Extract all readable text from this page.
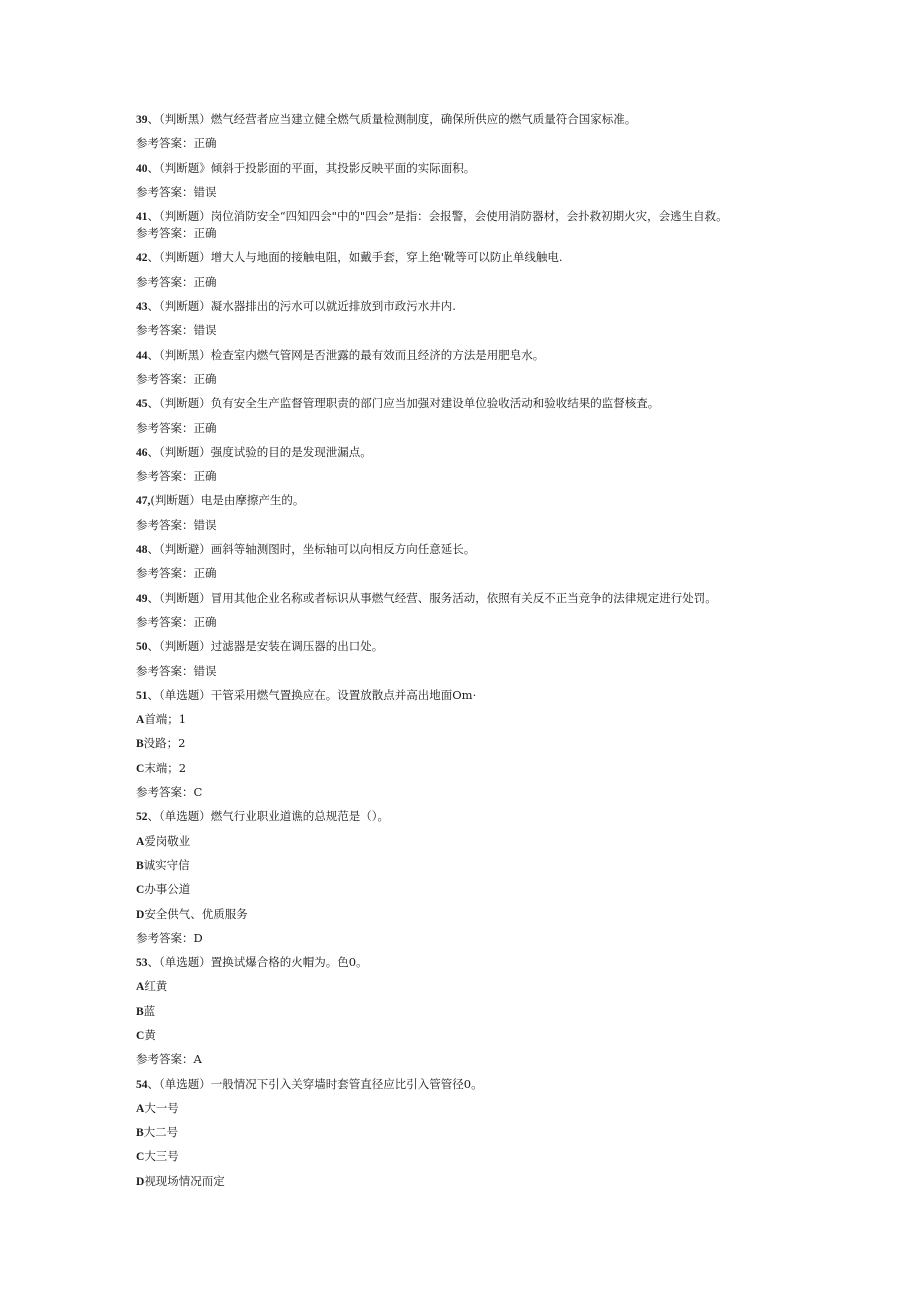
39、（判断黑）燃气经营者应当建立健全燃气质量检测制度，确保所供应的燃气质量符合国家标准。
参考答案：正确
40、（判断题》倾斜于投影面的平面，其投影反映平面的实际面积。
参考答案：错误
41、（判断题）岗位消防安全“四知四会"中的"四会”是指：会报警，会使用消防器材，会扑救初期火灾，会逃生自救。
参考答案：正确
42、（判断题）增大人与地面的接触电阻，如戴手套，穿上绝'靴等可以防止单线触电.
参考答案：正确
43、（判断题）凝水器排出的污水可以就近排放到市政污水井内.
参考答案：错误
44、（判断黑）检查室内燃气管网是否泄露的最有效而且经济的方法是用肥皂水。
参考答案：正确
45、（判断题）负有安全生产监督管理职责的部门应当加强对建设单位验收活动和验收结果的监督核査。
参考答案：正确
46、（判断题）强度试验的目的是发现泄漏点。
参考答案：正确
47,(判断题）电是由摩擦产生的。
参考答案：错误
48、（判断避）画斜等轴测图时，坐标轴可以向相反方向任意延长。
参考答案：正确
49、（判断题）冒用其他企业名称或者标识从事燃气经营、服务活动，依照有关反不正当竞争的法律规定进行处罚。
参考答案：正确
50、（判断题）过滤器是安装在调压器的出口处。
参考答案：错误
51、（单选题）干管采用燃气置换应在。设置放散点并高出地面Om·
A首端；1
B没路；2
C末端；2
参考答案：C
52、（单选题）燃气行业职业道谯的总规范是（）。
A爱岗敬业
B诚实守信
C办事公道
D安全供气、优质服务
参考答案：D
53、（单选题）置换试爆合格的火帽为。色0。
A红黄
B蓝
C黄
参考答案：A
54、（单选题）一般情况下引入关穿墙时套管直径应比引入管管径0。
A大一号
B大二号
C大三号
D视现场情况而定
